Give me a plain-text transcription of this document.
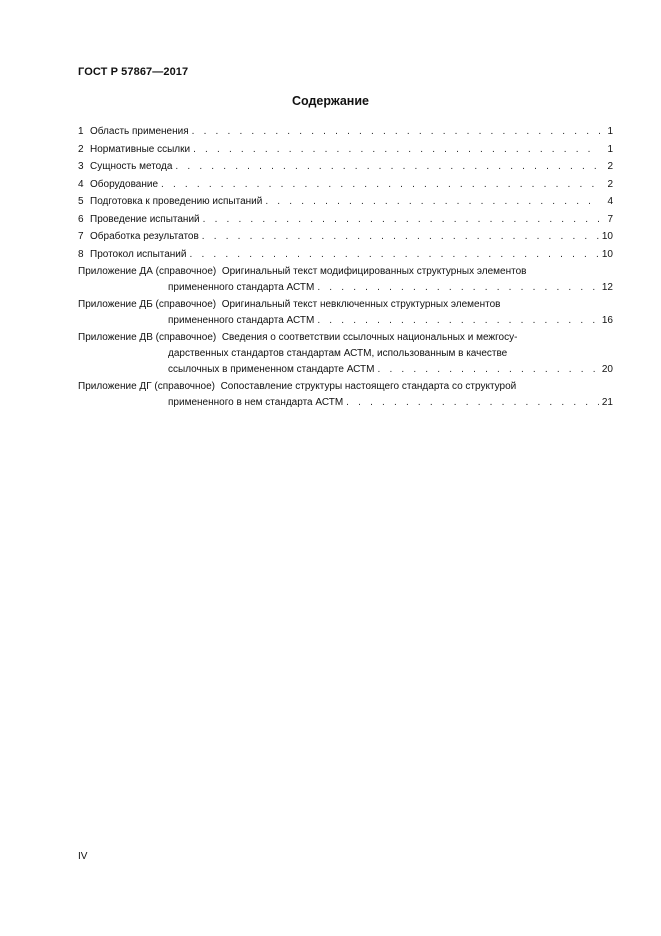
ГОСТ Р 57867—2017
Содержание
1 Область применения . . .	1
2 Нормативные ссылки . . .	1
3 Сущность метода . . .	2
4 Оборудование . . .	2
5 Подготовка к проведению испытаний . . .	4
6 Проведение испытаний . . .	7
7 Обработка результатов . . .	10
8 Протокол испытаний . . .	10
Приложение ДА (справочное) Оригинальный текст модифицированных структурных элементов
примененного стандарта АСТМ . . .	12
Приложение ДБ (справочное) Оригинальный текст невключенных структурных элементов
примененного стандарта АСТМ . . .	16
Приложение ДВ (справочное) Сведения о соответствии ссылочных национальных и межгосу-
дарственных стандартов стандартам АСТМ, использованным в качестве
ссылочных в примененном стандарте АСТМ . . .	20
Приложение ДГ (справочное) Сопоставление структуры настоящего стандарта со структурой
примененного в нем стандарта АСТМ . . .	21
IV
